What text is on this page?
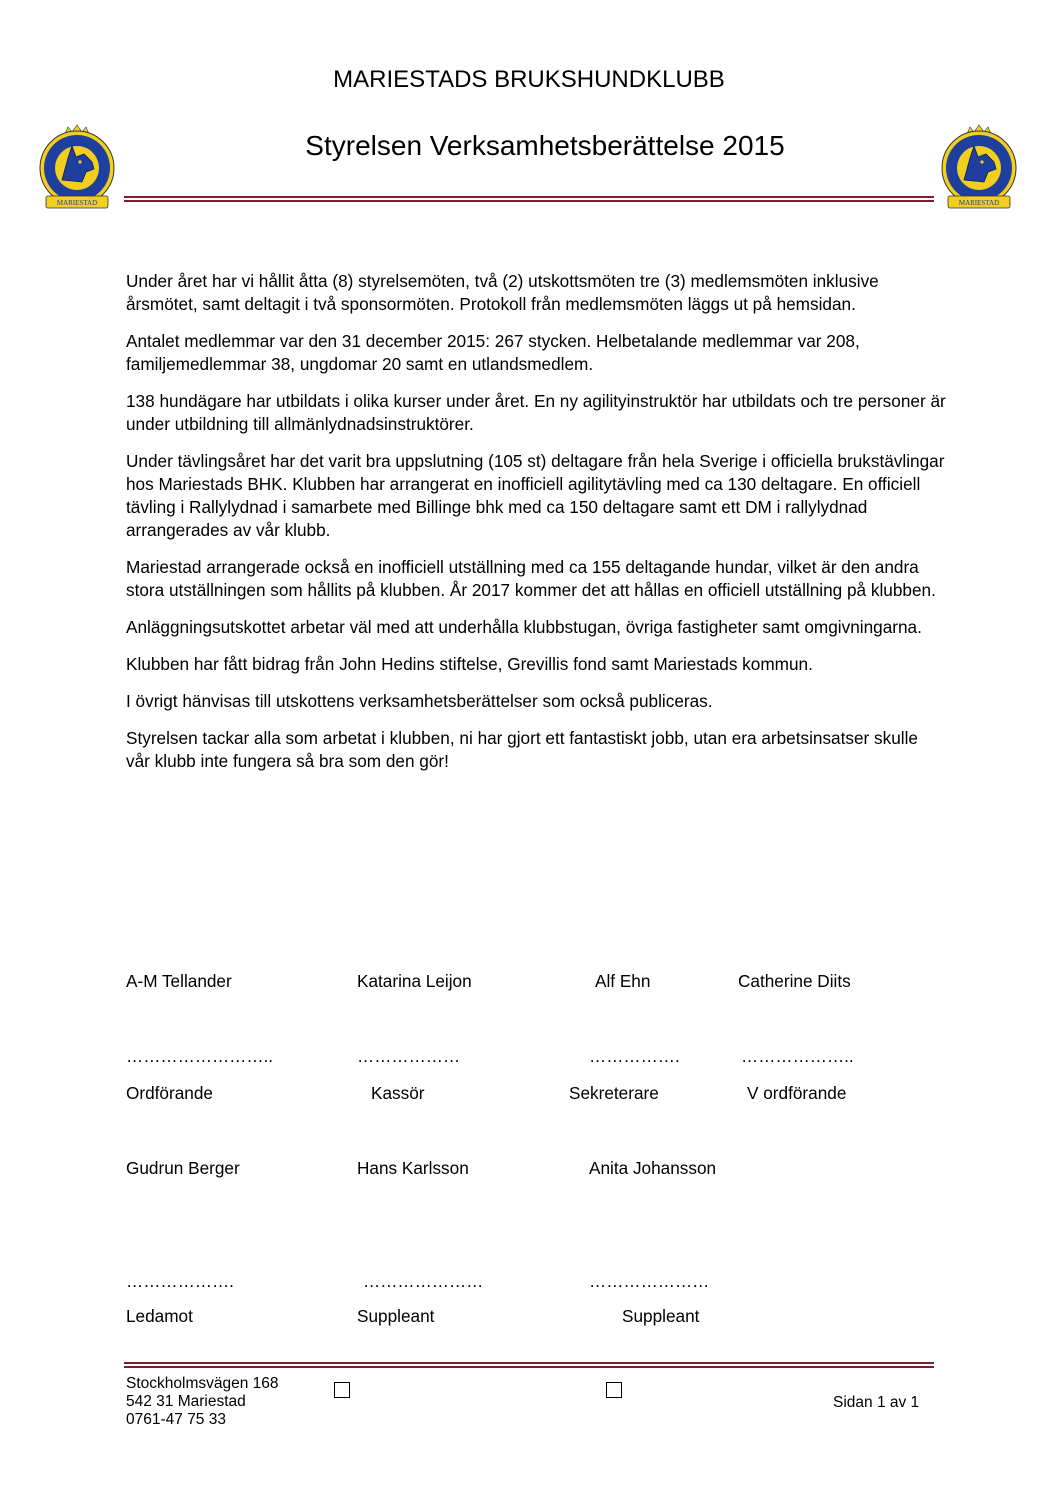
MARIESTADS BRUKSHUNDKLUBB
Styrelsen Verksamhetsberättelse 2015
MARIESTAD	MARIESTAD

Under året har vi hållit åtta (8) styrelsemöten, två (2) utskottsmöten tre (3) medlemsmöten inklusive årsmötet, samt deltagit i två sponsormöten. Protokoll från medlemsmöten läggs ut på hemsidan.

Antalet medlemmar var den 31 december 2015: 267 stycken. Helbetalande medlemmar var 208, familjemedlemmar 38, ungdomar 20 samt en utlandsmedlem.

138 hundägare har utbildats i olika kurser under året. En ny agilityinstruktör har utbildats och tre personer är under utbildning till allmänlydnadsinstruktörer.

Under tävlingsåret har det varit bra uppslutning (105 st) deltagare från hela Sverige i officiella brukstävlingar hos Mariestads BHK. Klubben har arrangerat en inofficiell agilitytävling med ca 130 deltagare. En officiell tävling i Rallylydnad i samarbete med Billinge bhk med ca 150 deltagare samt ett DM i rallylydnad arrangerades av vår klubb.

Mariestad arrangerade också en inofficiell utställning med ca 155 deltagande hundar, vilket är den andra stora utställningen som hållits på klubben. År 2017 kommer det att hållas en officiell utställning på klubben.

Anläggningsutskottet arbetar väl med att underhålla klubbstugan, övriga fastigheter samt omgivningarna.

Klubben har fått bidrag från John Hedins stiftelse, Grevillis fond samt Mariestads kommun.

I övrigt hänvisas till utskottens verksamhetsberättelser som också publiceras.

Styrelsen tackar alla som arbetat i klubben, ni har gjort ett fantastiskt jobb, utan era arbetsinsatser skulle vår klubb inte fungera så bra som den gör!

A-M Tellander	Katarina Leijon	Alf Ehn	Catherine Diits
……………………..	………………	…………….	………………..
Ordförande	Kassör	Sekreterare	V ordförande
Gudrun Berger	Hans Karlsson	Anita Johansson
……………….	…………………	…………………
Ledamot	Suppleant	Suppleant
Stockholmsvägen 168
542 31 Mariestad
0761-47 75 33
Sidan 1 av 1
